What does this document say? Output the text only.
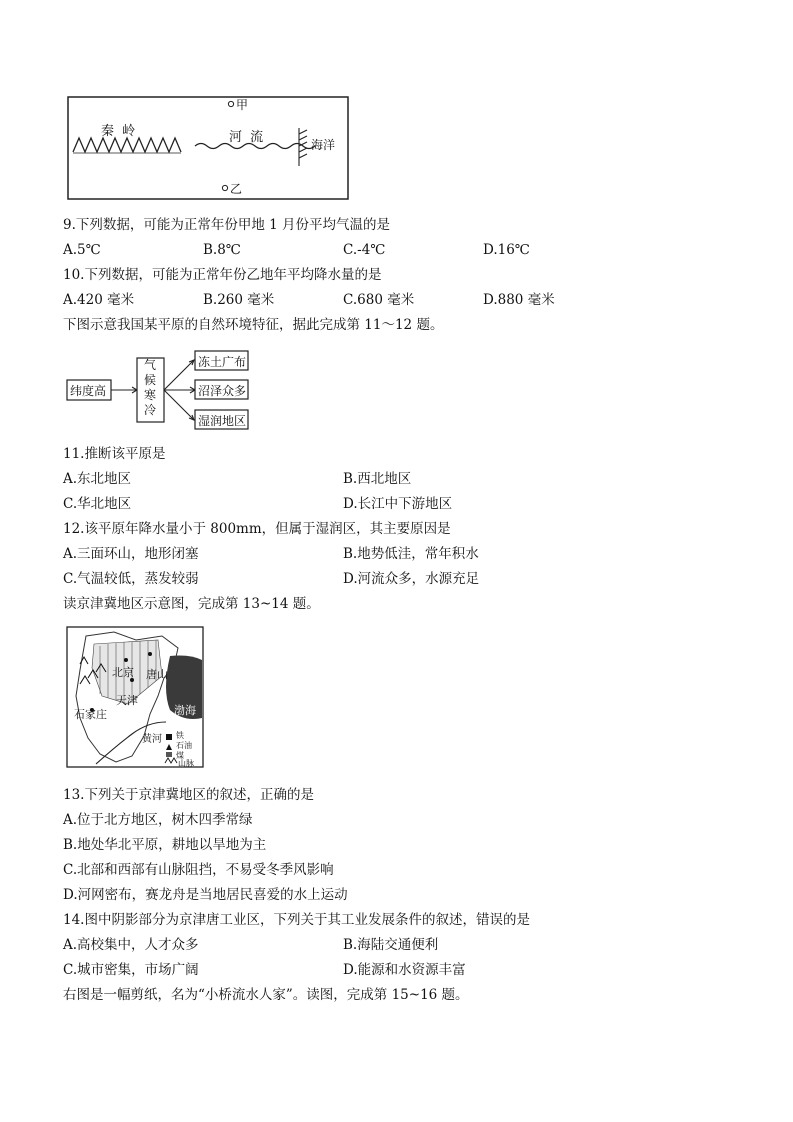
秦 岭	河 流	海洋
甲
乙
9.下列数据，可能为正常年份甲地 1 月份平均气温的是
A.5℃	B.8℃	C.-4℃	D.16℃
10.下列数据，可能为正常年份乙地年平均降水量的是
A.420 毫米	B.260 毫米	C.680 毫米	D.880 毫米
下图示意我国某平原的自然环境特征，据此完成第 11～12 题。
纬度高
气
候
寒
冷
冻土广布
沼泽众多
湿润地区
11.推断该平原是
A.东北地区	B.西北地区
C.华北地区	D.长江中下游地区
12.该平原年降水量小于 800mm，但属于湿润区，其主要原因是
A.三面环山，地形闭塞	B.地势低洼，常年积水
C.气温较低，蒸发较弱	D.河流众多，水源充足
读京津冀地区示意图，完成第 13~14 题。
北京 唐山
天津
渤海
石家庄
黄河 铁
石油
煤
山脉
13.下列关于京津冀地区的叙述，正确的是
A.位于北方地区，树木四季常绿
B.地处华北平原，耕地以旱地为主
C.北部和西部有山脉阻挡，不易受冬季风影响
D.河网密布，赛龙舟是当地居民喜爱的水上运动
14.图中阴影部分为京津唐工业区，下列关于其工业发展条件的叙述，错误的是
A.高校集中，人才众多	B.海陆交通便利
C.城市密集，市场广阔	D.能源和水资源丰富
右图是一幅剪纸，名为“小桥流水人家”。读图，完成第 15~16 题。
